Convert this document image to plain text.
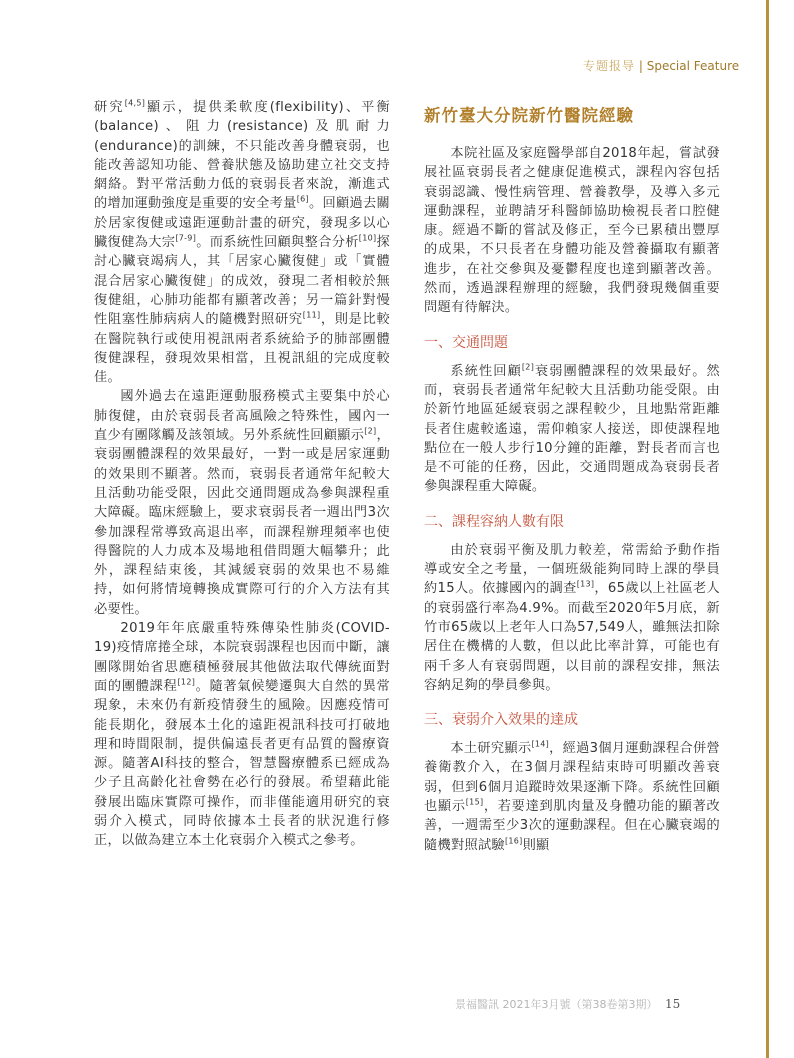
专题报导 | Special Feature

研究[4,5]顯示，提供柔軟度(flexibility)、平衡(balance)、阻力(resistance)及肌耐力(endurance)的訓練，不只能改善身體衰弱，也能改善認知功能、營養狀態及協助建立社交支持網絡。對平常活動力低的衰弱長者來說，漸進式的增加運動強度是重要的安全考量[6]。回顧過去關於居家復健或遠距運動計畫的研究，發現多以心臟復健為大宗[7-9]。而系統性回顧與整合分析[10]探討心臟衰竭病人，其「居家心臟復健」或「實體混合居家心臟復健」的成效，發現二者相較於無復健組，心肺功能都有顯著改善；另一篇針對慢性阻塞性肺病病人的隨機對照研究[11]，則是比較在醫院執行或使用視訊兩者系統給予的肺部團體復健課程，發現效果相當，且視訊組的完成度較佳。

國外過去在遠距運動服務模式主要集中於心肺復健，由於衰弱長者高風險之特殊性，國內一直少有團隊觸及該領域。另外系統性回顧顯示[2]，衰弱團體課程的效果最好，一對一或是居家運動的效果則不顯著。然而，衰弱長者通常年紀較大且活動功能受限，因此交通問題成為參與課程重大障礙。臨床經驗上，要求衰弱長者一週出門3次參加課程常導致高退出率，而課程辦理頻率也使得醫院的人力成本及場地租借問題大幅攀升；此外，課程結束後，其減緩衰弱的效果也不易維持，如何將情境轉換成實際可行的介入方法有其必要性。

2019年年底嚴重特殊傳染性肺炎(COVID-19)疫情席捲全球，本院衰弱課程也因而中斷，讓團隊開始省思應積極發展其他做法取代傳統面對面的團體課程[12]。隨著氣候變遷與大自然的異常現象，未來仍有新疫情發生的風險。因應疫情可能長期化，發展本土化的遠距視訊科技可打破地理和時間限制，提供偏遠長者更有品質的醫療資源。隨著AI科技的整合，智慧醫療體系已經成為少子且高齡化社會勢在必行的發展。希望藉此能發展出臨床實際可操作，而非僅能適用研究的衰弱介入模式，同時依據本土長者的狀況進行修正，以做為建立本土化衰弱介入模式之參考。

新竹臺大分院新竹醫院經驗

本院社區及家庭醫學部自2018年起，嘗試發展社區衰弱長者之健康促進模式，課程內容包括衰弱認識、慢性病管理、營養教學，及導入多元運動課程，並聘請牙科醫師協助檢視長者口腔健康。經過不斷的嘗試及修正，至今已累積出豐厚的成果，不只長者在身體功能及營養攝取有顯著進步，在社交參與及憂鬱程度也達到顯著改善。然而，透過課程辦理的經驗，我們發現幾個重要問題有待解決。

一、交通問題

系統性回顧[2]衰弱團體課程的效果最好。然而，衰弱長者通常年紀較大且活動功能受限。由於新竹地區延緩衰弱之課程較少，且地點常距離長者住處較遙遠，需仰賴家人接送，即使課程地點位在一般人步行10分鐘的距離，對長者而言也是不可能的任務，因此，交通問題成為衰弱長者參與課程重大障礙。

二、課程容納人數有限

由於衰弱平衡及肌力較差，常需給予動作指導或安全之考量，一個班級能夠同時上課的學員約15人。依據國內的調查[13]，65歲以上社區老人的衰弱盛行率為4.9%。而截至2020年5月底，新竹市65歲以上老年人口為57,549人，雖無法扣除居住在機構的人數，但以此比率計算，可能也有兩千多人有衰弱問題，以目前的課程安排，無法容納足夠的學員參與。

三、衰弱介入效果的達成

本土研究顯示[14]，經過3個月運動課程合併營養衛教介入，在3個月課程結束時可明顯改善衰弱，但到6個月追蹤時效果逐漸下降。系統性回顧也顯示[15]，若要達到肌肉量及身體功能的顯著改善，一週需至少3次的運動課程。但在心臟衰竭的隨機對照試驗[16]則顯

景福醫訊 2021年3月號（第38卷第3期） 15
